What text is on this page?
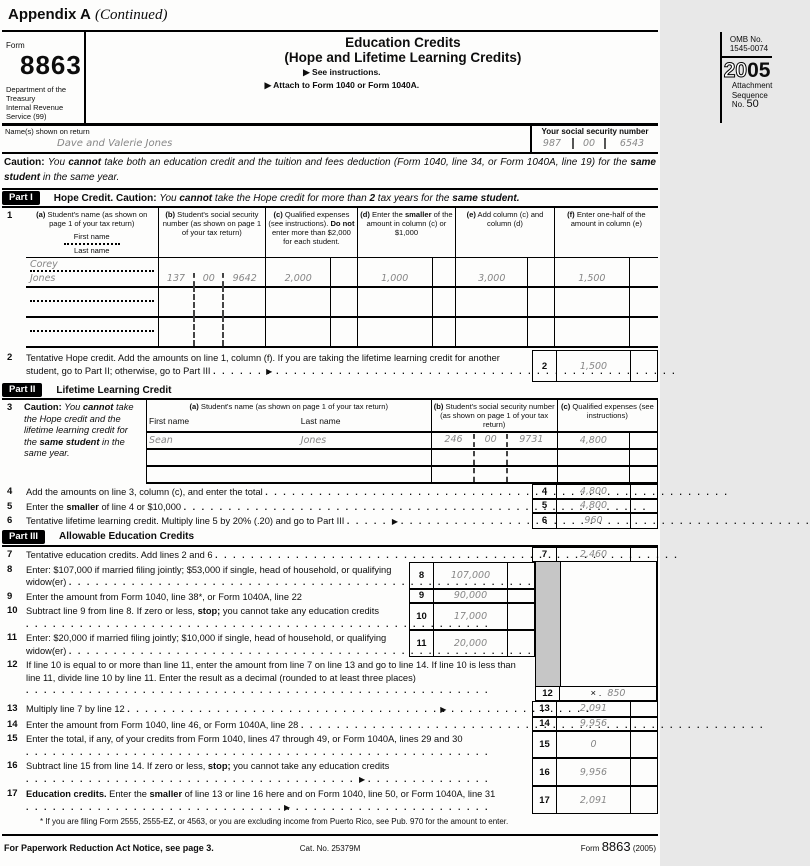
Appendix A (Continued)
Form
8863
Department of the Treasury
Internal Revenue Service (99)
Education Credits
(Hope and Lifetime Learning Credits)
▶ See instructions.
▶ Attach to Form 1040 or Form 1040A.
OMB No. 1545-0074
2005
Attachment
Sequence No. 50
Name(s) shown on return
Dave and Valerie Jones
Your social security number
987	00	6543
Caution: You cannot take both an education credit and the tuition and fees deduction (Form 1040, line 34, or Form 1040A, line 19) for the same student in the same year.
Part I	Hope Credit. Caution: You cannot take the Hope credit for more than 2 tax years for the same student.
1	(a) Student's name (as shown on page 1 of your tax return)
First name
Last name	(b) Student's social security number (as shown on page 1 of your tax return)	(c) Qualified expenses (see instructions). Do not enter more than $2,000 for each student.		(d) Enter the smaller of the amount in column (c) or $1,000		(e) Add column (c) and column (d)		(f) Enter one-half of the amount in column (e)	

Corey
Jones	137 00 9642	2,000		1,000		3,000		1,500	

2	Tentative Hope credit. Add the amounts on line 1, column (f). If you are taking the lifetime learning credit for another student, go to Part II; otherwise, go to Part III . .	▶	2	1,500
Part II	Lifetime Learning Credit
3	Caution: You cannot take the Hope credit and the lifetime learning credit for the same student in the same year.
(a) Student's name (as shown on page 1 of your tax return)		(b) Student's social security number (as shown on page 1 of your tax return)	(c) Qualified expenses (see instructions)	
First name	Last name			
Sean	Jones	246 00 9731	4,800	

4	Add the amounts on line 3, column (c), and enter the total . .	4	4,800
5	Enter the smaller of line 4 or $10,000 . .	5	4,800
6	Tentative lifetime learning credit. Multiply line 5 by 20% (.20) and go to Part III . .	▶	6	960
Part III	Allowable Education Credits
7	Tentative education credits. Add lines 2 and 6 . .	7	2,460
8	Enter: $107,000 if married filing jointly; $53,000 if single, head of household, or qualifying widow(er) . .
8	107,000
9	Enter the amount from Form 1040, line 38*, or Form 1040A, line 22	9	90,000
10 Subtract line 9 from line 8. If zero or less, stop; you cannot take any education credits . .	10	17,000
11 Enter: $20,000 if married filing jointly; $10,000 if single, head of household, or qualifying widow(er) . .
11	20,000
12 If line 10 is equal to or more than line 11, enter the amount from line 7 on line 13 and go to line 14. If line 10 is less than line 11, divide line 10 by line 11. Enter the result as a decimal (rounded to at least three places) . .
12	× . 850
13 Multiply line 7 by line 12 . .	▶	13	2,091
14 Enter the amount from Form 1040, line 46, or Form 1040A, line 28 . .	14	9,956
15 Enter the total, if any, of your credits from Form 1040, lines 47 through 49, or Form 1040A, lines 29 and 30 . .	15	0
16 Subtract line 15 from line 14. If zero or less, stop; you cannot take any education credits . . ▶
16	9,956
17 Education credits. Enter the smaller of line 13 or line 16 here and on Form 1040, line 50, or Form 1040A, line 31 . . ▶
17	2,091
* If you are filing Form 2555, 2555-EZ, or 4563, or you are excluding income from Puerto Rico, see Pub. 970 for the amount to enter.
For Paperwork Reduction Act Notice, see page 3.	Cat. No. 25379M	Form 8863 (2005)
